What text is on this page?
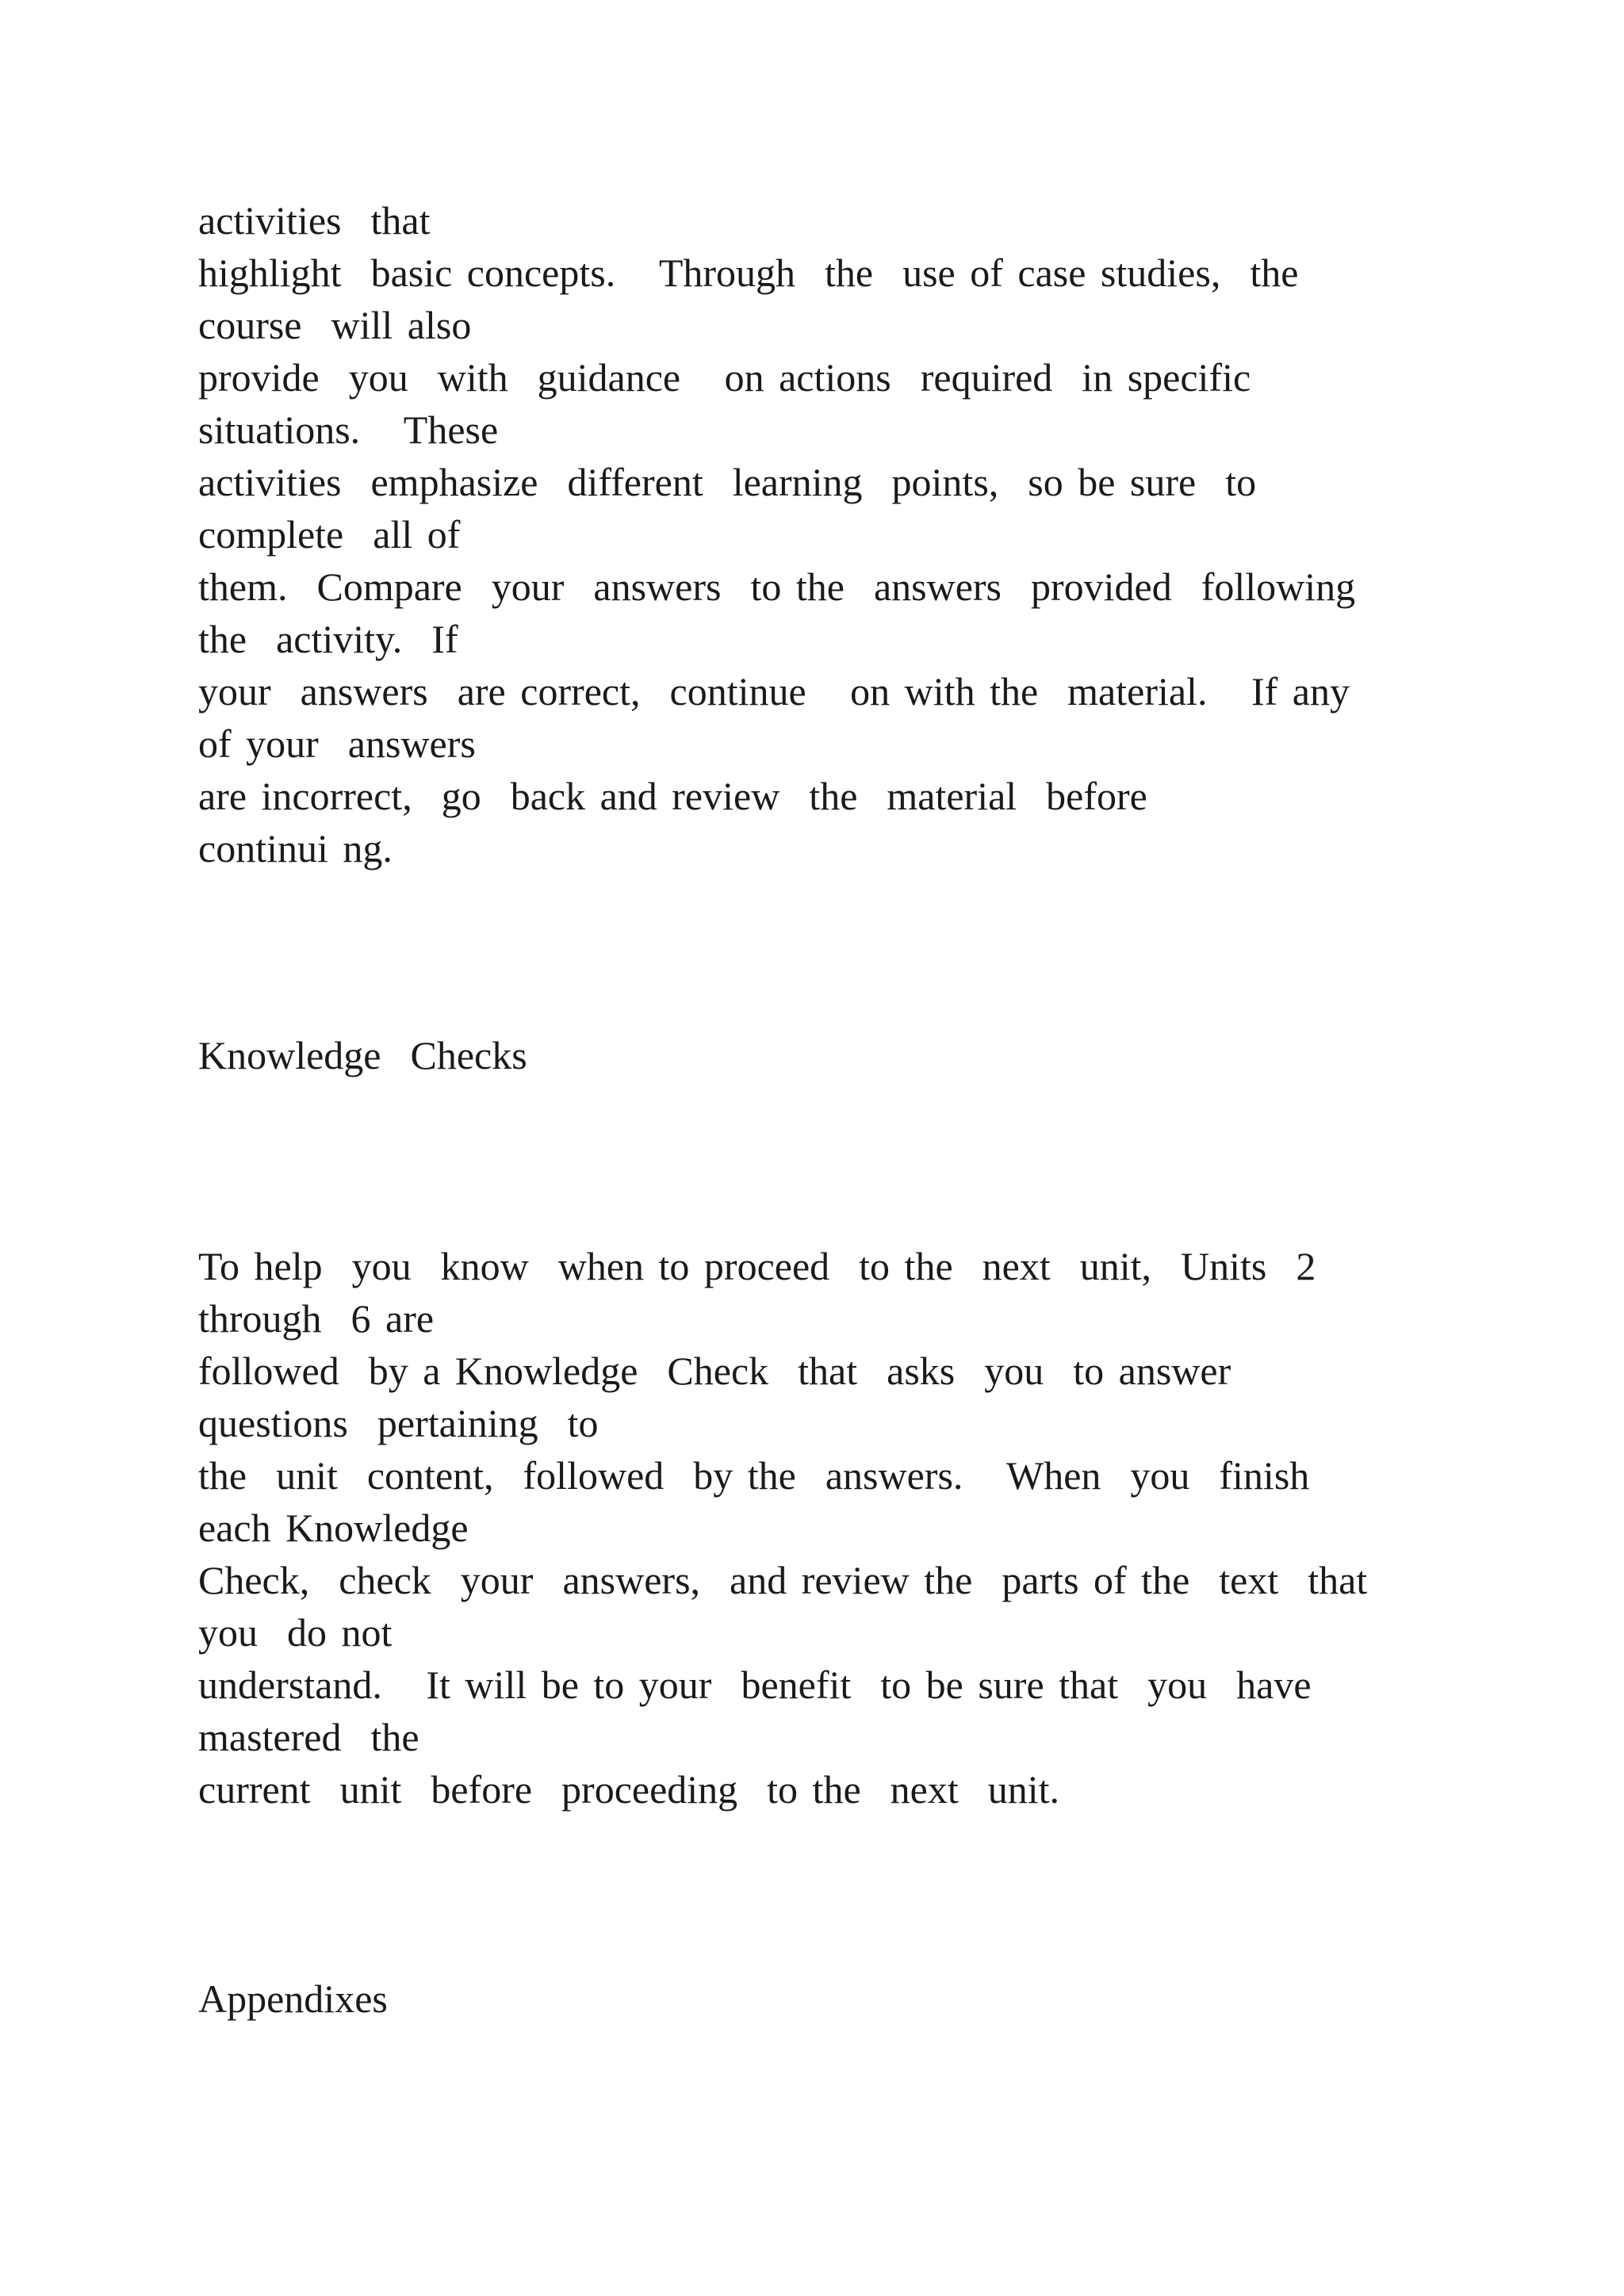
activities  that

highlight  basic concepts.   Through  the  use of case studies,  the

course  will also

provide  you  with  guidance   on actions  required  in specific

situations.   These

activities  emphasize  different  learning  points,  so be sure  to

complete  all of

them.  Compare  your  answers  to the  answers  provided  following

the  activity.  If

your  answers  are correct,  continue   on with the  material.   If any

of your  answers

are incorrect,  go  back and review  the  material  before

continui ng.

Knowledge  Checks

To help  you  know  when to proceed  to the  next  unit,  Units  2

through  6 are

followed  by a Knowledge  Check  that  asks  you  to answer

questions  pertaining  to

the  unit  content,  followed  by the  answers.   When  you  finish

each Knowledge

Check,  check  your  answers,  and review the  parts of the  text  that

you  do not

understand.   It will be to your  benefit  to be sure that  you  have

mastered  the

current  unit  before  proceeding  to the  next  unit.

Appendixes
